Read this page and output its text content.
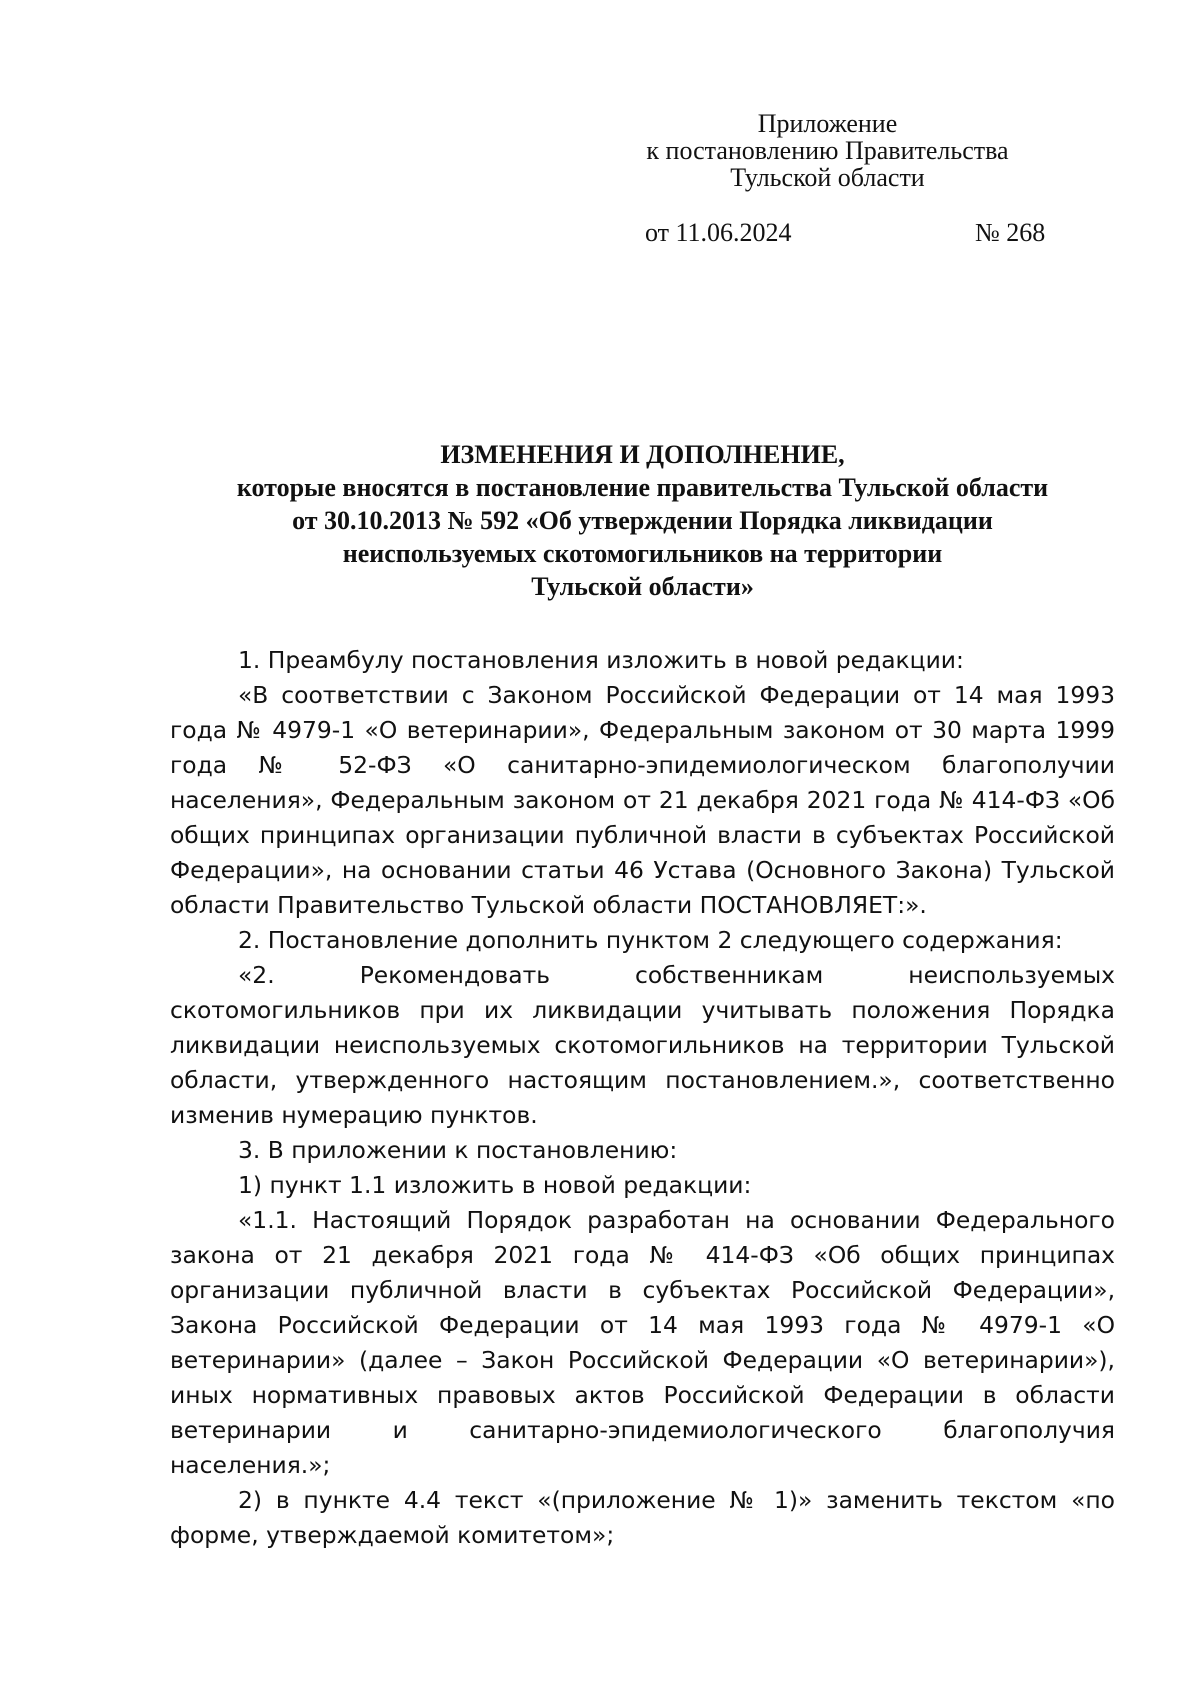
Приложение
к постановлению Правительства
Тульской области
от 11.06.2024	№ 268
ИЗМЕНЕНИЯ И ДОПОЛНЕНИЕ,
которые вносятся в постановление правительства Тульской области
от 30.10.2013 № 592 «Об утверждении Порядка ликвидации
неиспользуемых скотомогильников на территории
Тульской области»

1. Преамбулу постановления изложить в новой редакции:

«В соответствии с Законом Российской Федерации от 14 мая 1993 года № 4979-1 «О ветеринарии», Федеральным законом от 30 марта 1999 года № 52-ФЗ «О санитарно-эпидемиологическом благополучии населения», Федеральным законом от 21 декабря 2021 года № 414-ФЗ «Об общих принципах организации публичной власти в субъектах Российской Федерации», на основании статьи 46 Устава (Основного Закона) Тульской области Правительство Тульской области ПОСТАНОВЛЯЕТ:».

2. Постановление дополнить пунктом 2 следующего содержания:

«2. Рекомендовать собственникам неиспользуемых скотомогильников при их ликвидации учитывать положения Порядка ликвидации неиспользуемых скотомогильников на территории Тульской области, утвержденного настоящим постановлением.», соответственно изменив нумерацию пунктов.

3. В приложении к постановлению:

1) пункт 1.1 изложить в новой редакции:

«1.1. Настоящий Порядок разработан на основании Федерального закона от 21 декабря 2021 года № 414-ФЗ «Об общих принципах организации публичной власти в субъектах Российской Федерации», Закона Российской Федерации от 14 мая 1993 года № 4979-1 «О ветеринарии» (далее – Закон Российской Федерации «О ветеринарии»), иных нормативных правовых актов Российской Федерации в области ветеринарии и санитарно-эпидемиологического благополучия населения.»;

2) в пункте 4.4 текст «(приложение № 1)» заменить текстом «по форме, утверждаемой комитетом»;
